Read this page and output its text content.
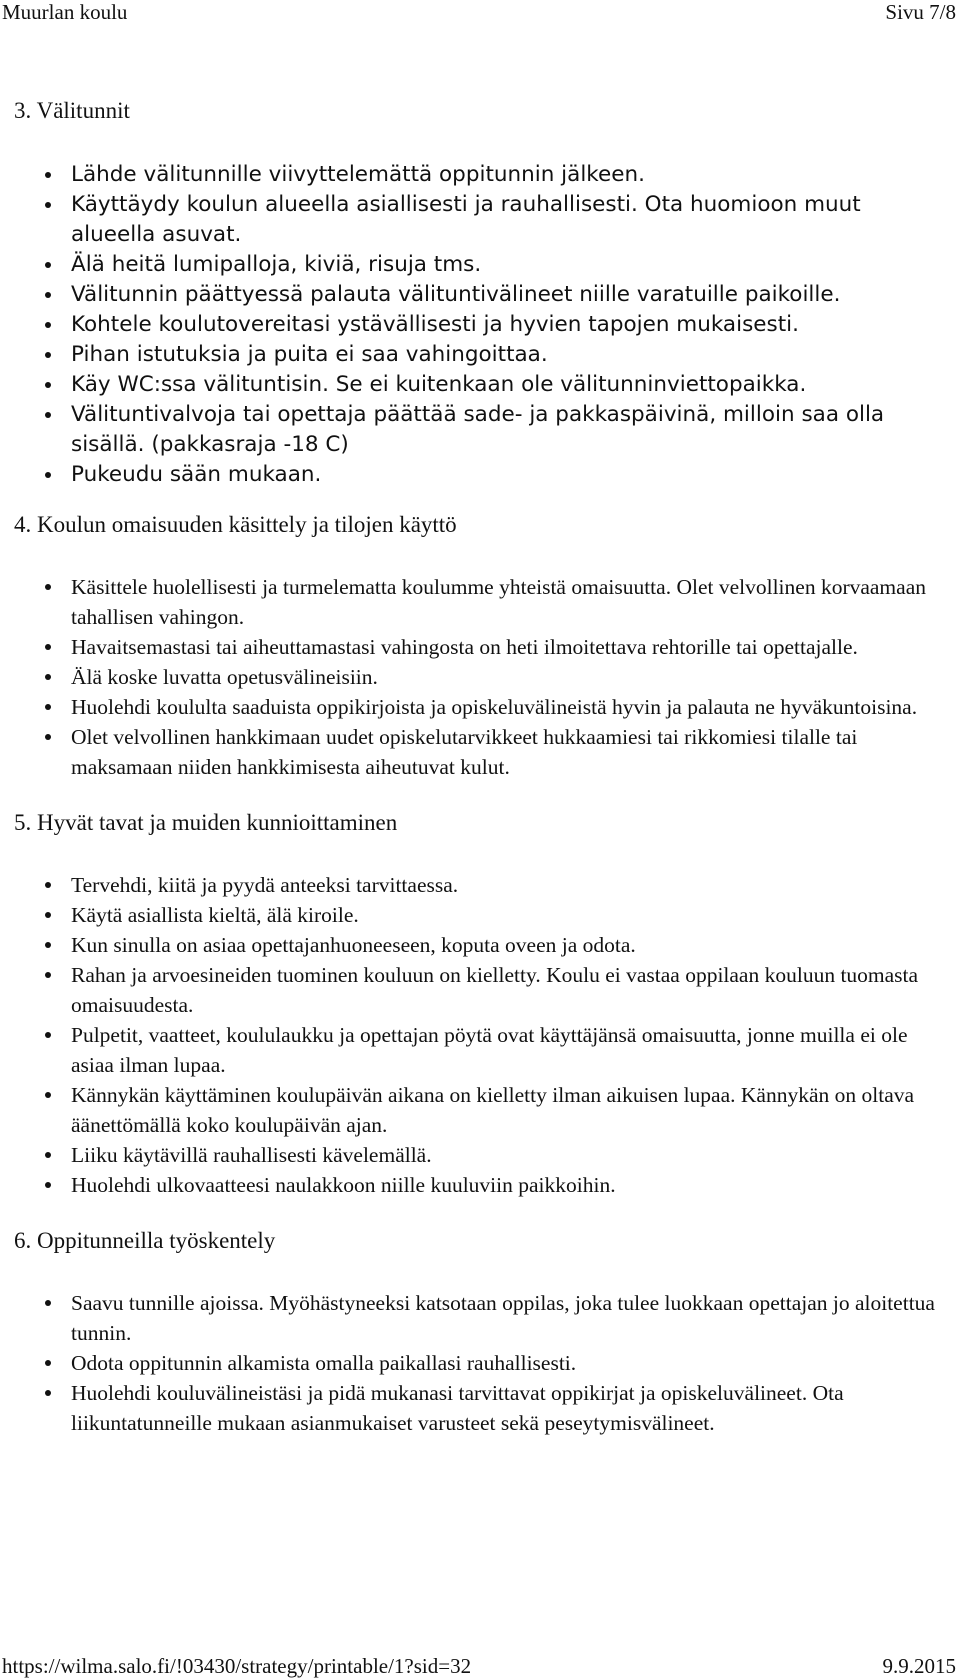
Muurlan koulu	Sivu 7/8
3. Välitunnit
Lähde välitunnille viivyttelemättä oppitunnin jälkeen.
Käyttäydy koulun alueella asiallisesti ja rauhallisesti. Ota huomioon muut alueella asuvat.
Älä heitä lumipalloja, kiviä, risuja tms.
Välitunnin päättyessä palauta välituntivälineet niille varatuille paikoille.
Kohtele koulutovereitasi ystävällisesti ja hyvien tapojen mukaisesti.
Pihan istutuksia ja puita ei saa vahingoittaa.
Käy WC:ssa välituntisin. Se ei kuitenkaan ole välitunninviettopaikka.
Välituntivalvoja tai opettaja päättää sade- ja pakkaspäivinä, milloin saa olla sisällä. (pakkasraja -18 C)
Pukeudu sään mukaan.
4. Koulun omaisuuden käsittely ja tilojen käyttö
Käsittele huolellisesti ja turmelematta koulumme yhteistä omaisuutta. Olet velvollinen korvaamaan tahallisen vahingon.
Havaitsemastasi tai aiheuttamastasi vahingosta on heti ilmoitettava rehtorille tai opettajalle.
Älä koske luvatta opetusvälineisiin.
Huolehdi koululta saaduista oppikirjoista ja opiskeluvälineistä hyvin ja palauta ne hyväkuntoisina.
Olet velvollinen hankkimaan uudet opiskelutarvikkeet hukkaamiesi tai rikkomiesi tilalle tai maksamaan niiden hankkimisesta aiheutuvat kulut.
5. Hyvät tavat ja muiden kunnioittaminen
Tervehdi, kiitä ja pyydä anteeksi tarvittaessa.
Käytä asiallista kieltä, älä kiroile.
Kun sinulla on asiaa opettajanhuoneeseen, koputa oveen ja odota.
Rahan ja arvoesineiden tuominen kouluun on kielletty. Koulu ei vastaa oppilaan kouluun tuomasta omaisuudesta.
Pulpetit, vaatteet, koululaukku ja opettajan pöytä ovat käyttäjänsä omaisuutta, jonne muilla ei ole asiaa ilman lupaa.
Kännykän käyttäminen koulupäivän aikana on kielletty ilman aikuisen lupaa. Kännykän on oltava äänettömällä koko koulupäivän ajan.
Liiku käytävillä rauhallisesti kävelemällä.
Huolehdi ulkovaatteesi naulakkoon niille kuuluviin paikkoihin.
6. Oppitunneilla työskentely
Saavu tunnille ajoissa. Myöhästyneeksi katsotaan oppilas, joka tulee luokkaan opettajan jo aloitettua tunnin.
Odota oppitunnin alkamista omalla paikallasi rauhallisesti.
Huolehdi kouluvälineistäsi ja pidä mukanasi tarvittavat oppikirjat ja opiskeluvälineet. Ota liikuntatunneille mukaan asianmukaiset varusteet sekä peseytymisvälineet.
https://wilma.salo.fi/!03430/strategy/printable/1?sid=32	9.9.2015
